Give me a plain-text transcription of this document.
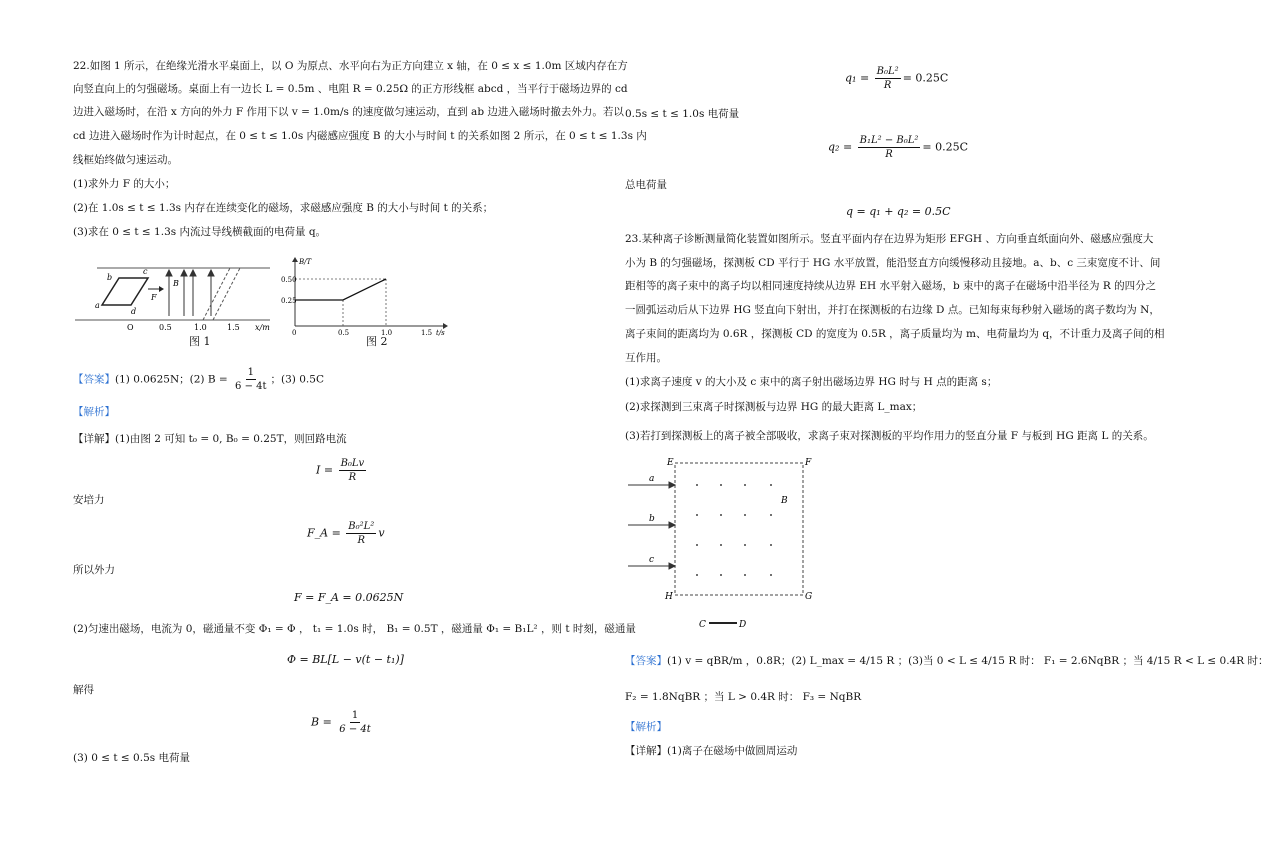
22.如图 1 所示，在绝缘光滑水平桌面上，以 O 为原点、水平向右为正方向建立 x 轴，在 0 ≤ x ≤ 1.0m 区域内存在方
向竖直向上的匀强磁场。桌面上有一边长 L = 0.5m 、电阻 R = 0.25Ω 的正方形线框 abcd ，当平行于磁场边界的 cd
边进入磁场时，在沿 x 方向的外力 F 作用下以 v = 1.0m/s 的速度做匀速运动，直到 ab 边进入磁场时撤去外力。若以
cd 边进入磁场时作为计时起点，在 0 ≤ t ≤ 1.0s 内磁感应强度 B 的大小与时间 t 的关系如图 2 所示，在 0 ≤ t ≤ 1.3s 内
线框始终做匀速运动。
(1)求外力 F 的大小；
(2)在 1.0s ≤ t ≤ 1.3s 内存在连续变化的磁场，求磁感应强度 B 的大小与时间 t 的关系；
(3)求在 0 ≤ t ≤ 1.3s 内流过导线横截面的电荷量 q。
b
c
a
d
F
B
O	0.5	1.0	1.5 x/m
图 1
B/T
0.50
0.25
0	0.5	1.0	1.5 t/s
图 2
【答案】(1) 0.0625N；(2) $B = \frac{1}{6 - 4t}$ ；(3) 0.5C
【解析】
【详解】(1)由图 2 可知 t₀ = 0, B₀ = 0.25T，则回路电流
$I = \frac{\text{B₀Lv}}{R}$
安培力
F_A = $\frac{\text{B₀²L²}}{R}$ v
所以外力
F = F_A = 0.0625N
(2)匀速出磁场，电流为 0，磁通量不变 Φ₁ = Φ ， t₁ = 1.0s 时， B₁ = 0.5T ，磁通量 Φ₁ = B₁L² ，则 t 时刻，磁通量
Φ = BL[L − v(t − t₁)]
解得
$B = \frac{1}{6 - 4t}$
(3) 0 ≤ t ≤ 0.5s 电荷量
$q_1 = \frac{\text{B₀L²}}{R} = 0.25C$
0.5s ≤ t ≤ 1.0s 电荷量
$q_2 = \frac{\text{B₁L² − B₀L²}}{R} = 0.25C$
总电荷量
q = q₁ + q₂ = 0.5C
23.某种离子诊断测量简化装置如图所示。竖直平面内存在边界为矩形 EFGH 、方向垂直纸面向外、磁感应强度大
小为 B 的匀强磁场，探测板 CD 平行于 HG 水平放置，能沿竖直方向缓慢移动且接地。a、b、c 三束宽度不计、间
距相等的离子束中的离子均以相同速度持续从边界 EH 水平射入磁场，b 束中的离子在磁场中沿半径为 R 的四分之
一圆弧运动后从下边界 HG 竖直向下射出，并打在探测板的右边缘 D 点。已知每束每秒射入磁场的离子数均为 N，
离子束间的距离均为 0.6R ，探测板 CD 的宽度为 0.5R ，离子质量均为 m、电荷量均为 q，不计重力及离子间的相
互作用。
(1)求离子速度 v 的大小及 c 束中的离子射出磁场边界 HG 时与 H 点的距离 s；
(2)求探测到三束离子时探测板与边界 HG 的最大距离 L_max；
(3)若打到探测板上的离子被全部吸收，求离子束对探测板的平均作用力的竖直分量 F 与板到 HG 距离 L 的关系。
E	F
G
H
a
b
c
B
C	D
【答案】(1) v = qBR/m ，0.8R；(2) L_max = 4/15 R ；(3)当 0 < L ≤ 4/15 R 时： F₁ = 2.6NqBR ；当 4/15 R < L ≤ 0.4R 时：
F₂ = 1.8NqBR ；当 L > 0.4R 时： F₃ = NqBR
【解析】
【详解】(1)离子在磁场中做圆周运动
